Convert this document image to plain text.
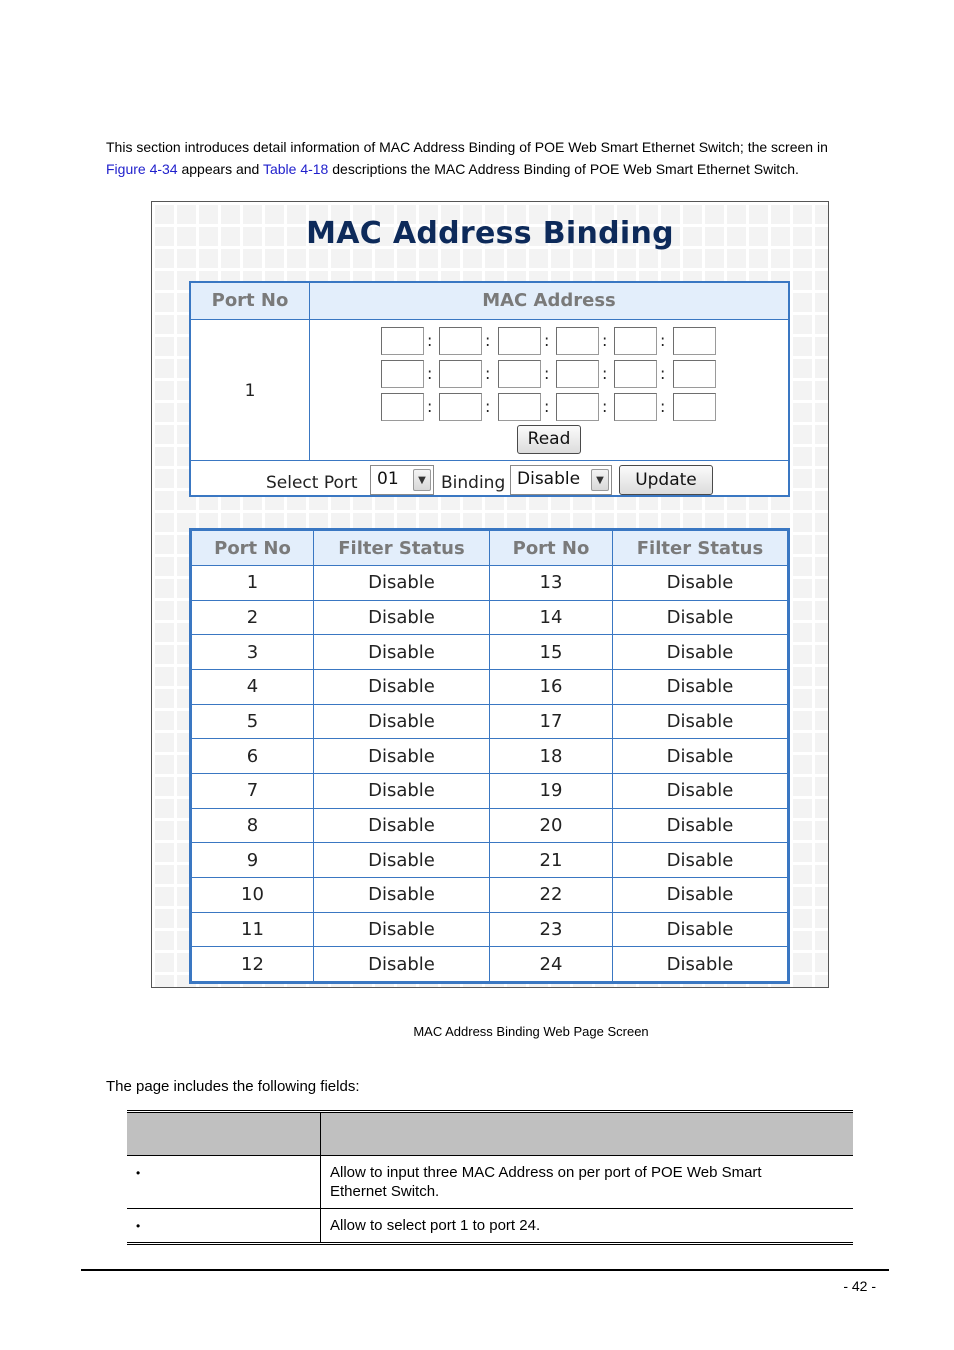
This section introduces detail information of MAC Address Binding of POE Web Smart Ethernet Switch; the screen in

Figure 4-34 appears and Table 4-18 descriptions the MAC Address Binding of POE Web Smart Ethernet Switch.

MAC Address Binding
Port No	MAC Address
1
:	:	:	:	:
:	:	:	:	:
:	:	:	:	:
Read
Select Port 01	▼ Binding Disable	▼	Update
Port No	Filter Status	Port No	Filter Status
1	Disable	13	Disable
2	Disable	14	Disable
3	Disable	15	Disable
4	Disable	16	Disable
5	Disable	17	Disable
6	Disable	18	Disable
7	Disable	19	Disable
8	Disable	20	Disable
9	Disable	21	Disable
10	Disable	22	Disable
11	Disable	23	Disable
12	Disable	24	Disable
MAC Address Binding Web Page Screen
The page includes the following fields:
•	Allow to input three MAC Address on per port of POE Web Smart Ethernet Switch.
•	Allow to select port 1 to port 24.
- 42 -
